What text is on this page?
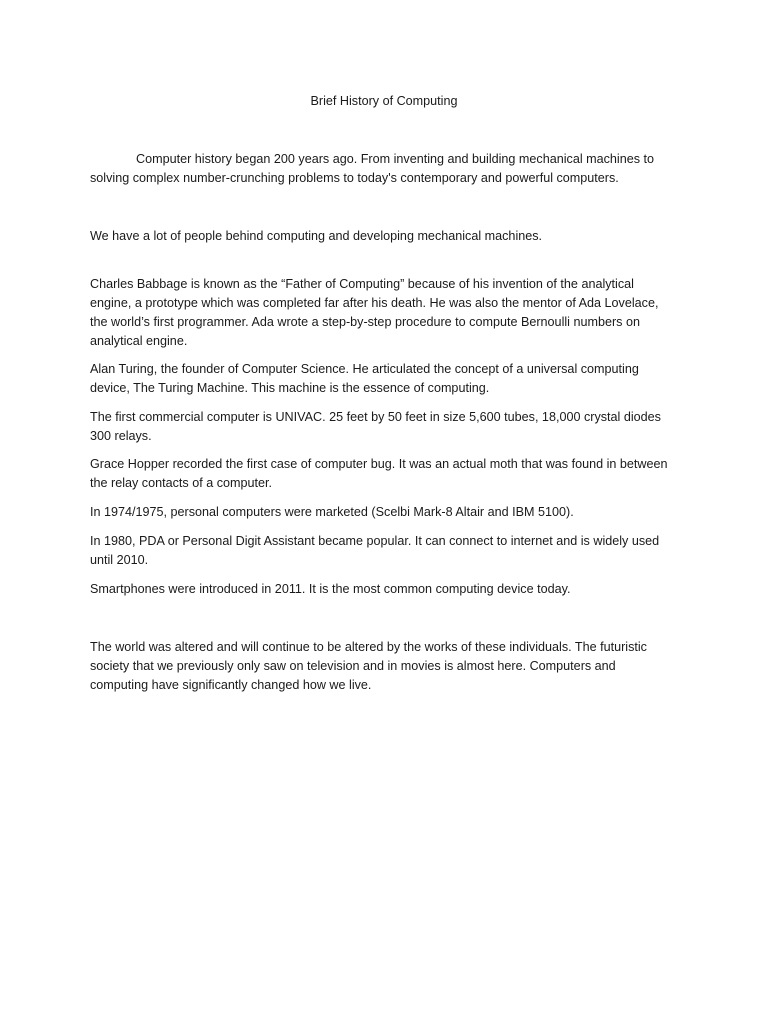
Brief History of Computing

Computer history began 200 years ago. From inventing and building mechanical machines to
solving complex number-crunching problems to today's contemporary and powerful computers.

We have a lot of people behind computing and developing mechanical machines.

Charles Babbage is known as the “Father of Computing” because of his invention of the analytical
engine, a prototype which was completed far after his death. He was also the mentor of Ada Lovelace,
the world’s first programmer. Ada wrote a step-by-step procedure to compute Bernoulli numbers on
analytical engine.

Alan Turing, the founder of Computer Science. He articulated the concept of a universal computing
device, The Turing Machine. This machine is the essence of computing.

The first commercial computer is UNIVAC. 25 feet by 50 feet in size 5,600 tubes, 18,000 crystal diodes
300 relays.

Grace Hopper recorded the first case of computer bug. It was an actual moth that was found in between
the relay contacts of a computer.

In 1974/1975, personal computers were marketed (Scelbi Mark-8 Altair and IBM 5100).

In 1980, PDA or Personal Digit Assistant became popular. It can connect to internet and is widely used
until 2010.

Smartphones were introduced in 2011. It is the most common computing device today.

The world was altered and will continue to be altered by the works of these individuals. The futuristic
society that we previously only saw on television and in movies is almost here. Computers and
computing have significantly changed how we live.
